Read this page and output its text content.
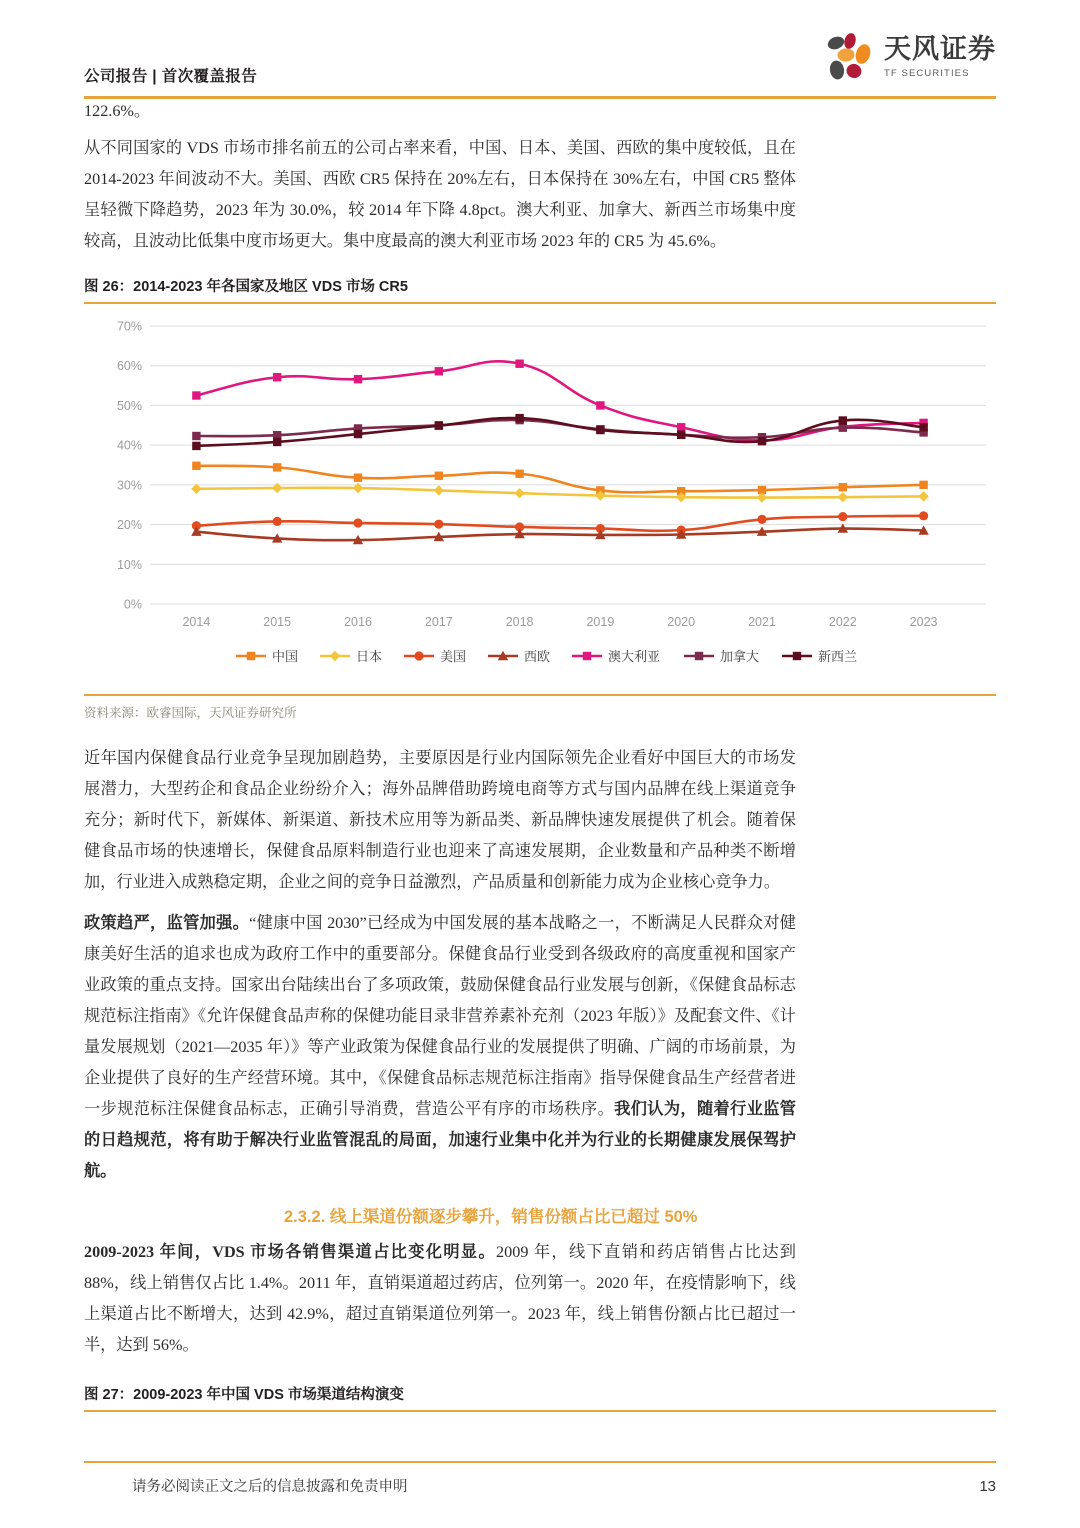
公司报告 | 首次覆盖报告
天风证券
TF SECURITIES

122.6%。

从不同国家的 VDS 市场市排名前五的公司占率来看，中国、日本、美国、西欧的集中度较低，且在 2014-2023 年间波动不大。美国、西欧 CR5 保持在 20%左右，日本保持在 30%左右，中国 CR5 整体呈轻微下降趋势，2023 年为 30.0%，较 2014 年下降 4.8pct。澳大利亚、加拿大、新西兰市场集中度较高，且波动比低集中度市场更大。集中度最高的澳大利亚市场 2023 年的 CR5 为 45.6%。

图 26：2014-2023 年各国家及地区 VDS 市场 CR5
0%
10%
20%
30%
40%
50%
60%
70%
2014	2015	2016	2017	2018	2019	2020	2021	2022	2023
中国	日本	美国	西欧	澳大利亚	加拿大	新西兰
资料来源：欧睿国际，天风证券研究所

近年国内保健食品行业竞争呈现加剧趋势，主要原因是行业内国际领先企业看好中国巨大的市场发展潜力，大型药企和食品企业纷纷介入；海外品牌借助跨境电商等方式与国内品牌在线上渠道竞争充分；新时代下，新媒体、新渠道、新技术应用等为新品类、新品牌快速发展提供了机会。随着保健食品市场的快速增长，保健食品原料制造行业也迎来了高速发展期，企业数量和产品种类不断增加，行业进入成熟稳定期，企业之间的竞争日益激烈，产品质量和创新能力成为企业核心竞争力。

政策趋严，监管加强。“健康中国 2030”已经成为中国发展的基本战略之一，不断满足人民群众对健康美好生活的追求也成为政府工作中的重要部分。保健食品行业受到各级政府的高度重视和国家产业政策的重点支持。国家出台陆续出台了多项政策，鼓励保健食品行业发展与创新，《保健食品标志规范标注指南》《允许保健食品声称的保健功能目录非营养素补充剂（2023 年版）》及配套文件、《计量发展规划（2021—2035 年）》等产业政策为保健食品行业的发展提供了明确、广阔的市场前景，为企业提供了良好的生产经营环境。其中，《保健食品标志规范标注指南》指导保健食品生产经营者进一步规范标注保健食品标志，正确引导消费，营造公平有序的市场秩序。我们认为，随着行业监管的日趋规范，将有助于解决行业监管混乱的局面，加速行业集中化并为行业的长期健康发展保驾护航。

2.3.2. 线上渠道份额逐步攀升，销售份额占比已超过 50%

2009-2023 年间，VDS 市场各销售渠道占比变化明显。2009 年，线下直销和药店销售占比达到 88%，线上销售仅占比 1.4%。2011 年，直销渠道超过药店，位列第一。2020 年，在疫情影响下，线上渠道占比不断增大，达到 42.9%，超过直销渠道位列第一。2023 年，线上销售份额占比已超过一半，达到 56%。

图 27：2009-2023 年中国 VDS 市场渠道结构演变
请务必阅读正文之后的信息披露和免责申明	13
